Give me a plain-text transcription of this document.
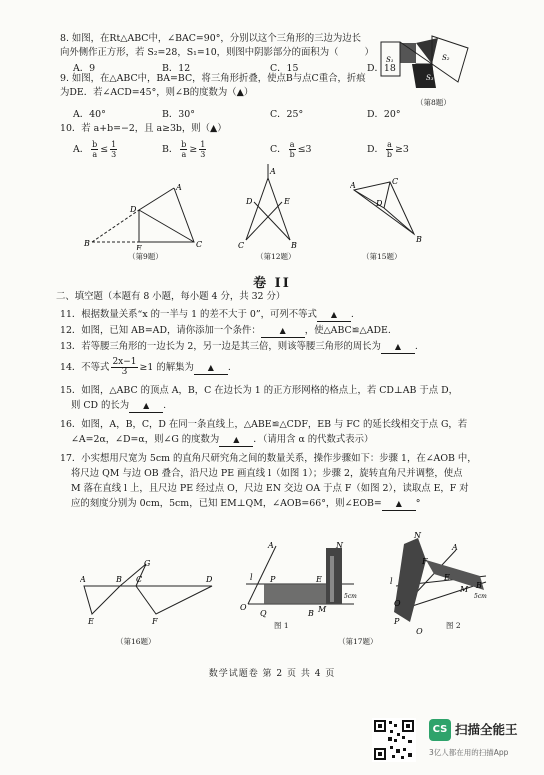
8. 如图，在Rt△ABC中，∠BAC=90°，分别以这个三角形的三边为边长
向外侧作正方形，若 S₂=28，S₁=10，则图中阴影部分的面积为（	）
A．9	B．12	C．15	D．18
S₁	S₂
S₃
（第8题）
9. 如图，在△ABC中，BA=BC，将三角形折叠，使点B与点C重合，折痕
为DE．若∠ACD=45°，则∠B的度数为（▲）
A．40°	B．30°	C．25°	D．20°
10．若 a+b=−2，且 a≥3b，则（▲）
A． $\frac{b}{a} \le \frac{1}{3}$	B． $\frac{b}{a} \ge \frac{1}{3}$	C． $\frac{a}{b} \le 3$	D． $\frac{a}{b} \ge 3$
A
D
B
E	C
（第9题）
A
D	E
C	B
（第12题）
A	C
D
B
（第15题）
卷 II
二、填空题（本题有 8 小题，每小题 4 分，共 32 分）
11．根据数量关系“x 的一半与 1 的差不大于 0”，可列不等式 ▲ .
12．如图，已知 AB=AD，请你添加一个条件： ▲ ，使△ABC≌△ADE.
13．若等腰三角形的一边长为 2，另一边是其三倍，则该等腰三角形的周长为 ▲ .
14．不等式 $\frac{2x-1}{3} \ge 1$ 的解集为 ▲ .
15．如图，△ABC 的顶点 A，B，C 在边长为 1 的正方形网格的格点上，若 CD⊥AB 于点 D，
则 CD 的长为 ▲ .
16．如图，A，B，C，D 在同一条直线上，△ABE≌△CDF，EB 与 FC 的延长线相交于点 G，若
∠A=2α，∠D=α，则∠G 的度数为 ▲ ．（请用含 α 的代数式表示）
17．小实想用尺宽为 5cm 的直角尺研究角之间的数量关系，操作步骤如下：步骤 1，在∠AOB 中，
将尺边 QM 与边 OB 叠合，沿尺边 PE 画直线 l（如图 1）；步骤 2，旋转直角尺并调整，使点
M 落在直线 l 上，且尺边 PE 经过点 O，尺边 EN 交边 OA 于点 F（如图 2），读取点 E，F 对
应的刻度分别为 0cm，5cm，已知 EM⊥QM，∠AOB=66°，则∠EOB= ▲ °
A	B C
G
D
E	F
（第16题）
l P
N
O
Q	B M
A
E
5cm
图 1
（第17题）
N
F
A
l	E
M B
P
Q
O
5cm
图 2
数学试题卷 第 2 页 共 4 页
CS 扫描全能王
3亿人都在用的扫描App
